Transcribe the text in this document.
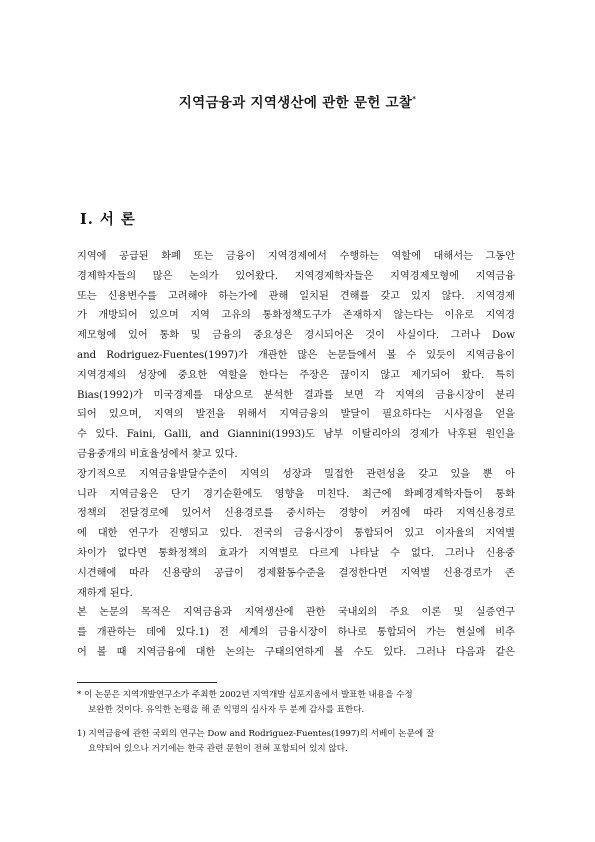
지역금융과 지역생산에 관한 문헌 고찰*
I. 서 론
지역에 공급된 화폐 또는 금융이 지역경제에서 수행하는 역할에 대해서는 그동안
경제학자들의 많은 논의가 있어왔다. 지역경제학자들은 지역경제모형에 지역금융
또는 신용변수를 고려해야 하는가에 관해 일치된 견해를 갖고 있지 않다. 지역경제
가 개방되어 있으며 지역 고유의 통화정책도구가 존재하지 않는다는 이유로 지역경
제모형에 있어 통화 및 금융의 중요성은 경시되어온 것이 사실이다. 그러나 Dow
and Rodriguez-Fuentes(1997)가 개관한 많은 논문들에서 볼 수 있듯이 지역금융이
지역경제의 성장에 중요한 역할을 한다는 주장은 끊이지 않고 제기되어 왔다. 특히
Bias(1992)가 미국경제를 대상으로 분석한 결과를 보면 각 지역의 금융시장이 분리
되어 있으며, 지역의 발전을 위해서 지역금융의 발달이 필요하다는 시사점을 얻을
수 있다. Faini, Galli, and Giannini(1993)도 남부 이탈리아의 경제가 낙후된 원인을
금융중개의 비효율성에서 찾고 있다.
장기적으로 지역금융발달수준이 지역의 성장과 밀접한 관련성을 갖고 있을 뿐 아
니라 지역금융은 단기 경기순환에도 영향을 미친다. 최근에 화폐경제학자들이 통화
정책의 전달경로에 있어서 신용경로를 중시하는 경향이 커짐에 따라 지역신용경로
에 대한 연구가 진행되고 있다. 전국의 금융시장이 통합되어 있고 이자율의 지역별
차이가 없다면 통화정책의 효과가 지역별로 다르게 나타날 수 없다. 그러나 신용중
시견해에 따라 신용량의 공급이 경제활동수준을 결정한다면 지역별 신용경로가 존
재하게 된다.
본 논문의 목적은 지역금융과 지역생산에 관한 국내외의 주요 이론 및 실증연구
를 개관하는 데에 있다.1) 전 세계의 금융시장이 하나로 통합되어 가는 현실에 비추
어 볼 때 지역금융에 대한 논의는 구태의연하게 볼 수도 있다. 그러나 다음과 같은
* 이 논문은 지역개발연구소가 주최한 2002년 지역개발 심포지움에서 발표한 내용을 수정
보완한 것이다. 유익한 논평을 해 준 익명의 심사자 두 분께 감사를 표한다.
1) 지역금융에 관한 국외의 연구는 Dow and Rodriguez-Fuentes(1997)의 서베이 논문에 잘
요약되어 있으나 거기에는 한국 관련 문헌이 전혀 포함되어 있지 않다.
